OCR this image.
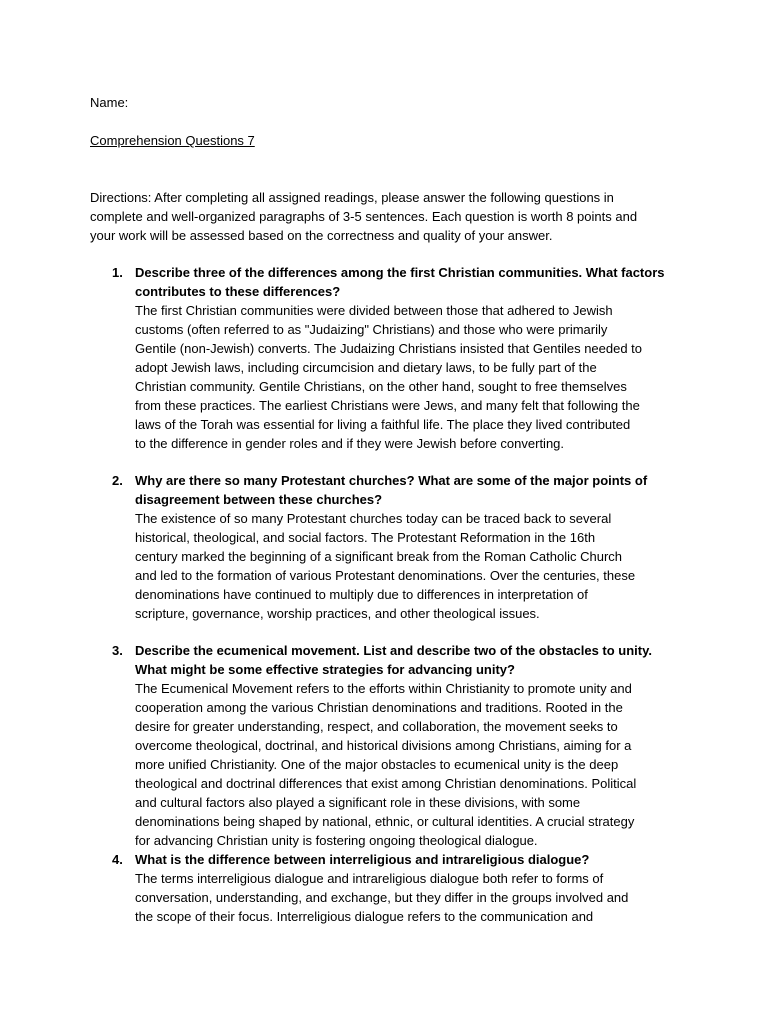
Name:

Comprehension Questions 7

Directions: After completing all assigned readings, please answer the following questions in
complete and well-organized paragraphs of 3-5 sentences. Each question is worth 8 points and
your work will be assessed based on the correctness and quality of your answer.

1. Describe three of the differences among the first Christian communities. What factors
contributes to these differences?
The first Christian communities were divided between those that adhered to Jewish
customs (often referred to as "Judaizing" Christians) and those who were primarily
Gentile (non-Jewish) converts. The Judaizing Christians insisted that Gentiles needed to
adopt Jewish laws, including circumcision and dietary laws, to be fully part of the
Christian community. Gentile Christians, on the other hand, sought to free themselves
from these practices. The earliest Christians were Jews, and many felt that following the
laws of the Torah was essential for living a faithful life. The place they lived contributed
to the difference in gender roles and if they were Jewish before converting.
2. Why are there so many Protestant churches? What are some of the major points of
disagreement between these churches?
The existence of so many Protestant churches today can be traced back to several
historical, theological, and social factors. The Protestant Reformation in the 16th
century marked the beginning of a significant break from the Roman Catholic Church
and led to the formation of various Protestant denominations. Over the centuries, these
denominations have continued to multiply due to differences in interpretation of
scripture, governance, worship practices, and other theological issues.
3. Describe the ecumenical movement. List and describe two of the obstacles to unity.
What might be some effective strategies for advancing unity?
The Ecumenical Movement refers to the efforts within Christianity to promote unity and
cooperation among the various Christian denominations and traditions. Rooted in the
desire for greater understanding, respect, and collaboration, the movement seeks to
overcome theological, doctrinal, and historical divisions among Christians, aiming for a
more unified Christianity. One of the major obstacles to ecumenical unity is the deep
theological and doctrinal differences that exist among Christian denominations. Political
and cultural factors also played a significant role in these divisions, with some
denominations being shaped by national, ethnic, or cultural identities. A crucial strategy
for advancing Christian unity is fostering ongoing theological dialogue.
4. What is the difference between interreligious and intrareligious dialogue?
The terms interreligious dialogue and intrareligious dialogue both refer to forms of
conversation, understanding, and exchange, but they differ in the groups involved and
the scope of their focus. Interreligious dialogue refers to the communication and
